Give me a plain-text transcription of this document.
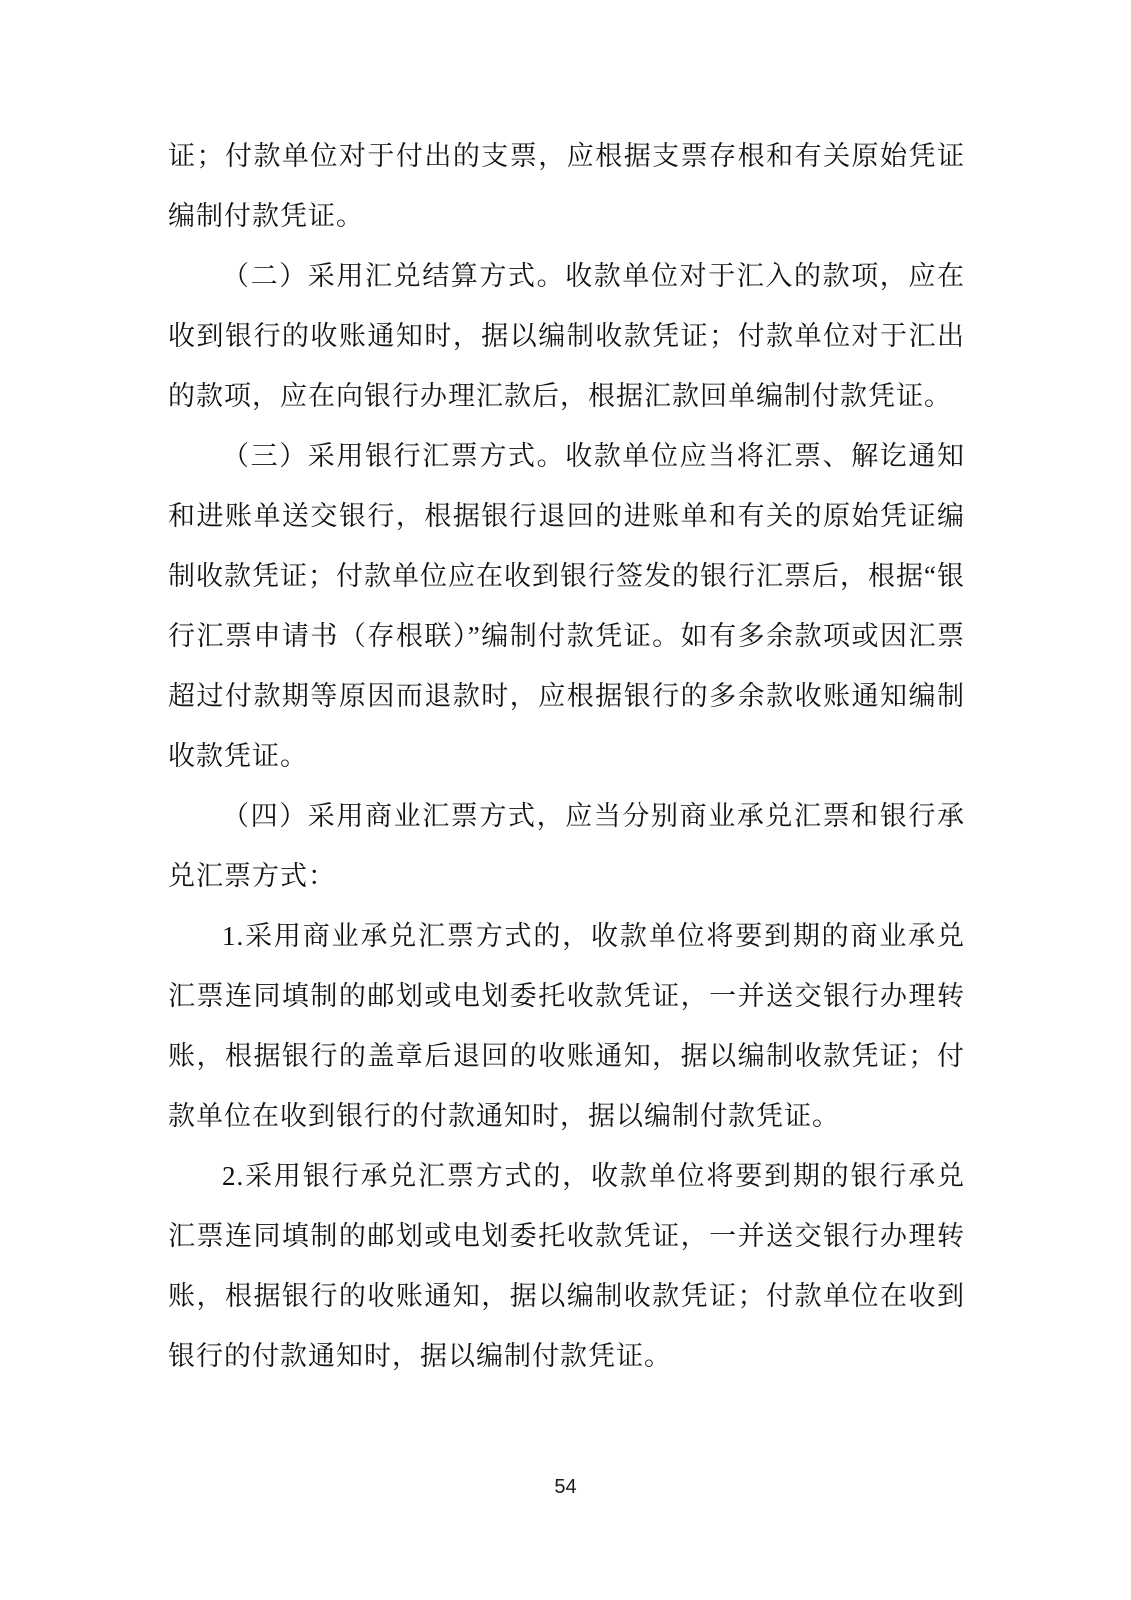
证；付款单位对于付出的支票，应根据支票存根和有关原始凭证编制付款凭证。

（二）采用汇兑结算方式。收款单位对于汇入的款项，应在收到银行的收账通知时，据以编制收款凭证；付款单位对于汇出的款项，应在向银行办理汇款后，根据汇款回单编制付款凭证。

（三）采用银行汇票方式。收款单位应当将汇票、解讫通知和进账单送交银行，根据银行退回的进账单和有关的原始凭证编制收款凭证；付款单位应在收到银行签发的银行汇票后，根据“银行汇票申请书（存根联）”编制付款凭证。如有多余款项或因汇票超过付款期等原因而退款时，应根据银行的多余款收账通知编制收款凭证。

（四）采用商业汇票方式，应当分别商业承兑汇票和银行承兑汇票方式：

1.采用商业承兑汇票方式的，收款单位将要到期的商业承兑汇票连同填制的邮划或电划委托收款凭证，一并送交银行办理转账，根据银行的盖章后退回的收账通知，据以编制收款凭证；付款单位在收到银行的付款通知时，据以编制付款凭证。

2.采用银行承兑汇票方式的，收款单位将要到期的银行承兑汇票连同填制的邮划或电划委托收款凭证，一并送交银行办理转账，根据银行的收账通知，据以编制收款凭证；付款单位在收到银行的付款通知时，据以编制付款凭证。

54
